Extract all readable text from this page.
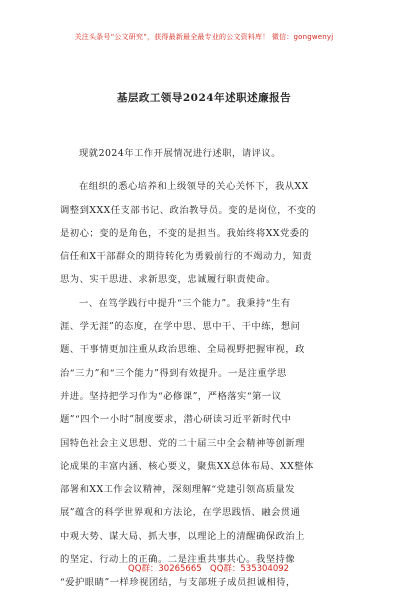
关注头条号“公文研究”，获得最新最全最专业的公文资料库！ 微信：gongwenyj
基层政工领导2024年述职述廉报告
现就2024年工作开展情况进行述职，请评议。
在组织的悉心培养和上级领导的关心关怀下，我从XX
调整到XXX任支部书记、政治教导员。变的是岗位，不变的
是初心；变的是角色，不变的是担当。我始终将XX党委的
信任和X干部群众的期待转化为勇毅前行的不竭动力，知责
思为、实干思进、求新思变，忠诚履行职责使命。
一、在笃学践行中提升“三个能力”。我秉持“生有
涯、学无涯”的态度，在学中思、思中干、干中练，想问
题、干事情更加注重从政治思维、全局视野把握审视，政
治“三力”和“三个能力”得到有效提升。一是注重学思
并进。坚持把学习作为“必修课”，严格落实“第一议
题”“四个一小时”制度要求，潜心研读习近平新时代中
国特色社会主义思想、党的二十届三中全会精神等创新理
论成果的丰富内涵、核心要义，聚焦XX总体布局、XX整体
部署和XX工作会议精神，深刻理解“党建引领高质量发
展”蕴含的科学世界观和方法论，在学思践悟、融会贯通
中观大势、谋大局、抓大事，以理论上的清醒确保政治上
的坚定、行动上的正确。二是注重共事共心。我坚持像
“爱护眼睛”一样珍视团结，与支部班子成员担诚相待，
QQ群：30265665 QQ群：535304092
